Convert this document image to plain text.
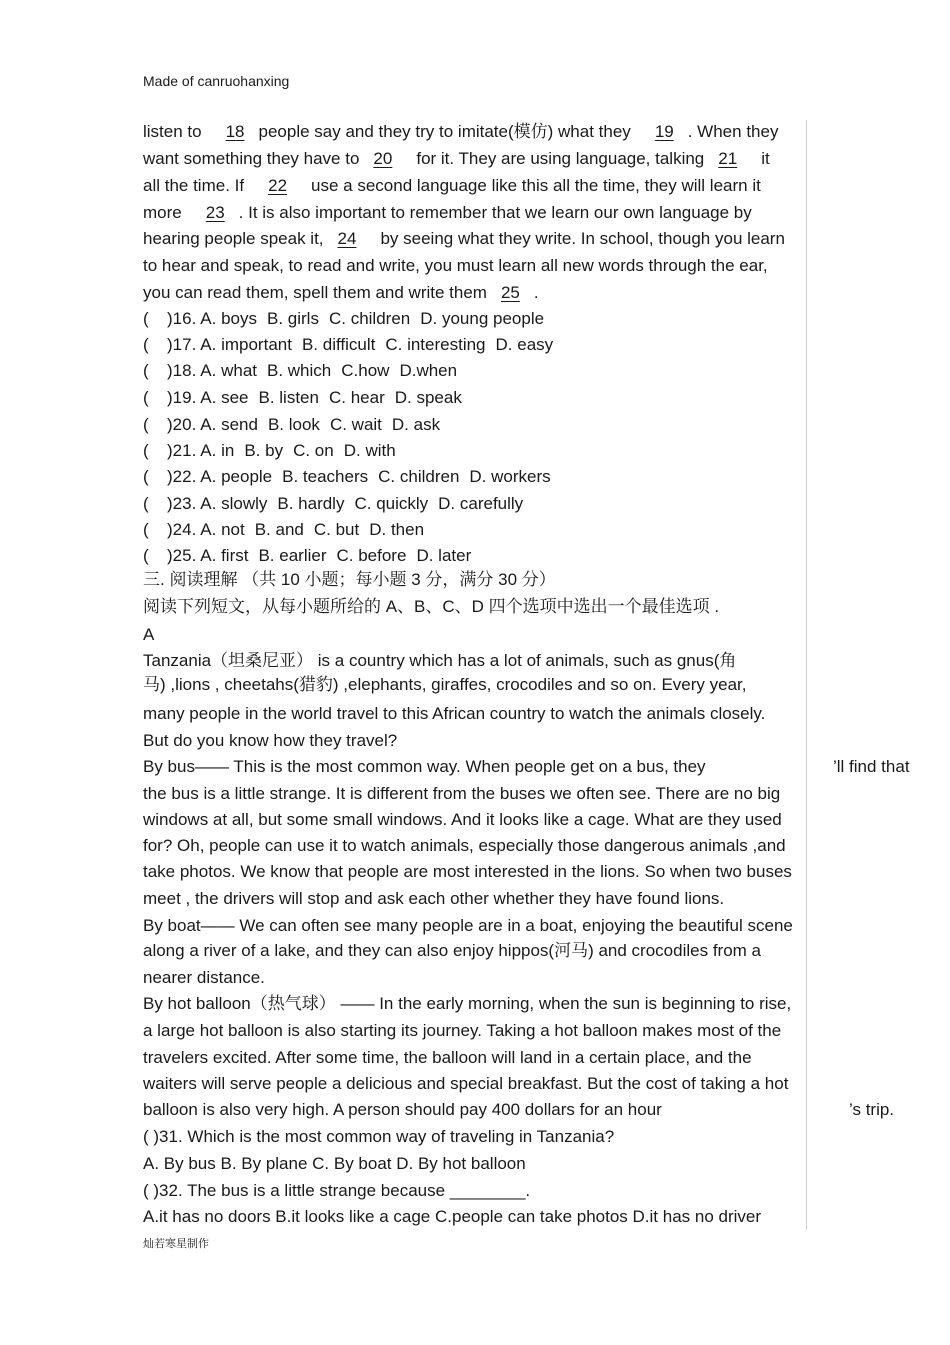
Made of canruohanxing
listen to 18 people say and they try to imitate(模仿) what they 19 . When they
want something they have to 20 for it. They are using language, talking 21 it
all the time. If 22 use a second language like this all the time, they will learn it
more 23 . It is also important to remember that we learn our own language by
hearing people speak it, 24 by seeing what they write. In school, though you learn
to hear and speak, to read and write, you must learn all new words through the ear,
you can read them, spell them and write them 25 .
( )16. A. boys B. girls C. children D. young people
( )17. A. important B. difficult C. interesting D. easy
( )18. A. what B. which C.how D.when
( )19. A. see B. listen C. hear D. speak
( )20. A. send B. look C. wait D. ask
( )21. A. in B. by C. on D. with
( )22. A. people B. teachers C. children D. workers
( )23. A. slowly B. hardly C. quickly D. carefully
( )24. A. not B. and C. but D. then
( )25. A. first B. earlier C. before D. later
三. 阅读理解 （共 10 小题；每小题 3 分，满分 30 分）
阅读下列短文，从每小题所给的 A、B、C、D 四个选项中选出一个最佳选项 .
A
Tanzania（坦桑尼亚） is a country which has a lot of animals, such as gnus(角
马) ,lions , cheetahs(猎豹) ,elephants, giraffes, crocodiles and so on. Every year,
many people in the world travel to this African country to watch the animals closely.
But do you know how they travel?
By bus—— This is the most common way. When people get on a bus, they	’ll find that
the bus is a little strange. It is different from the buses we often see. There are no big
windows at all, but some small windows. And it looks like a cage. What are they used
for? Oh, people can use it to watch animals, especially those dangerous animals ,and
take photos. We know that people are most interested in the lions. So when two buses
meet , the drivers will stop and ask each other whether they have found lions.
By boat—— We can often see many people are in a boat, enjoying the beautiful scene
along a river of a lake, and they can also enjoy hippos(河马) and crocodiles from a
nearer distance.
By hot balloon（热气球） —— In the early morning, when the sun is beginning to rise,
a large hot balloon is also starting its journey. Taking a hot balloon makes most of the
travelers excited. After some time, the balloon will land in a certain place, and the
waiters will serve people a delicious and special breakfast. But the cost of taking a hot
balloon is also very high. A person should pay 400 dollars for an hour	’s trip.
( )31. Which is the most common way of traveling in Tanzania?
A. By bus B. By plane C. By boat D. By hot balloon
( )32. The bus is a little strange because ________.
A.it has no doors B.it looks like a cage C.people can take photos D.it has no driver
灿若寒星制作
